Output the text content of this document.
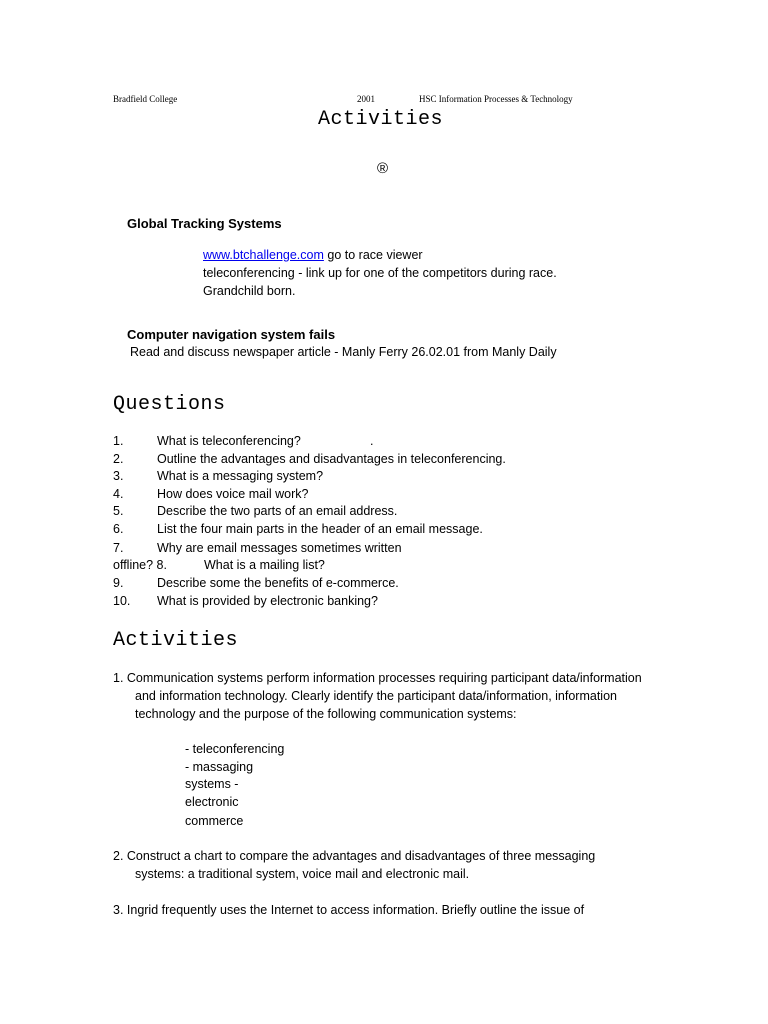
Bradfield College	2001	HSC Information Processes & Technology
Activities
®
Global Tracking Systems
www.btchallenge.com go to race viewer
teleconferencing - link up for one of the competitors during race.
Grandchild born.
Computer navigation system fails
Read and discuss newspaper article - Manly Ferry 26.02.01 from Manly Daily
Questions
1.	What is teleconferencing?	.
2.	Outline the advantages and disadvantages in teleconferencing.
3.	What is a messaging system?
4.	How does voice mail work?
5.	Describe the two parts of an email address.
6.	List the four main parts in the header of an email message.
7.	Why are email messages sometimes written
offline? 8.	What is a mailing list?
9.	Describe some the benefits of e-commerce.
10. What is provided by electronic banking?
Activities
1. Communication systems perform information processes requiring participant data/information
and information technology. Clearly identify the participant data/information, information
technology and the purpose of the following communication systems:
- teleconferencing
- massaging
systems -
electronic
commerce
2. Construct a chart to compare the advantages and disadvantages of three messaging
systems: a traditional system, voice mail and electronic mail.
3. Ingrid frequently uses the Internet to access information. Briefly outline the issue of
